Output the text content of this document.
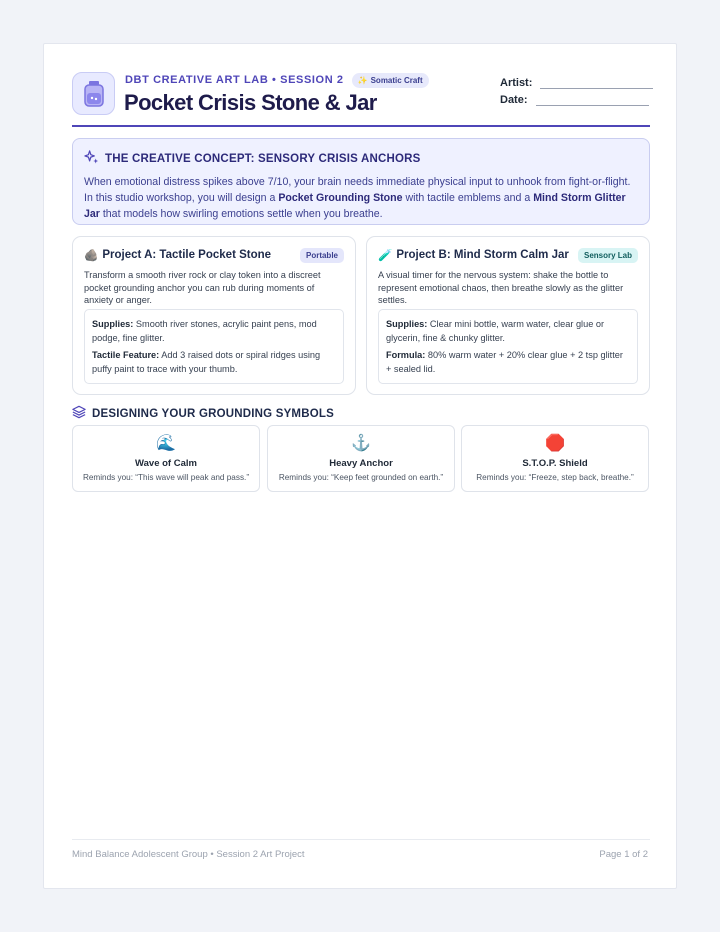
DBT CREATIVE ART LAB • SESSION 2 ✨ Somatic Craft
Pocket Crisis Stone & Jar
Artist:
Date:
THE CREATIVE CONCEPT: SENSORY CRISIS ANCHORS
When emotional distress spikes above 7/10, your brain needs immediate physical input to unhook from fight-or-flight. In this studio workshop, you will design a Pocket Grounding Stone with tactile emblems and a Mind Storm Glitter Jar that models how swirling emotions settle when you breathe.
🪨 Project A: Tactile Pocket Stone	Portable
Transform a smooth river rock or clay token into a discreet pocket grounding anchor you can rub during moments of anxiety or anger.

Supplies: Smooth river stones, acrylic paint pens, mod podge, fine glitter.

Tactile Feature: Add 3 raised dots or spiral ridges using puffy paint to trace with your thumb.

🧪 Project B: Mind Storm Calm Jar	Sensory Lab
A visual timer for the nervous system: shake the bottle to represent emotional chaos, then breathe slowly as the glitter settles.

Supplies: Clear mini bottle, warm water, clear glue or glycerin, fine & chunky glitter.

Formula: 80% warm water + 20% clear glue + 2 tsp glitter + sealed lid.

DESIGNING YOUR GROUNDING SYMBOLS
🌊
Wave of Calm
Reminds you: “This wave will peak and pass.”
⚓
Heavy Anchor
Reminds you: “Keep feet grounded on earth.”
🛑
S.T.O.P. Shield
Reminds you: “Freeze, step back, breathe.”
Mind Balance Adolescent Group • Session 2 Art Project	Page 1 of 2
